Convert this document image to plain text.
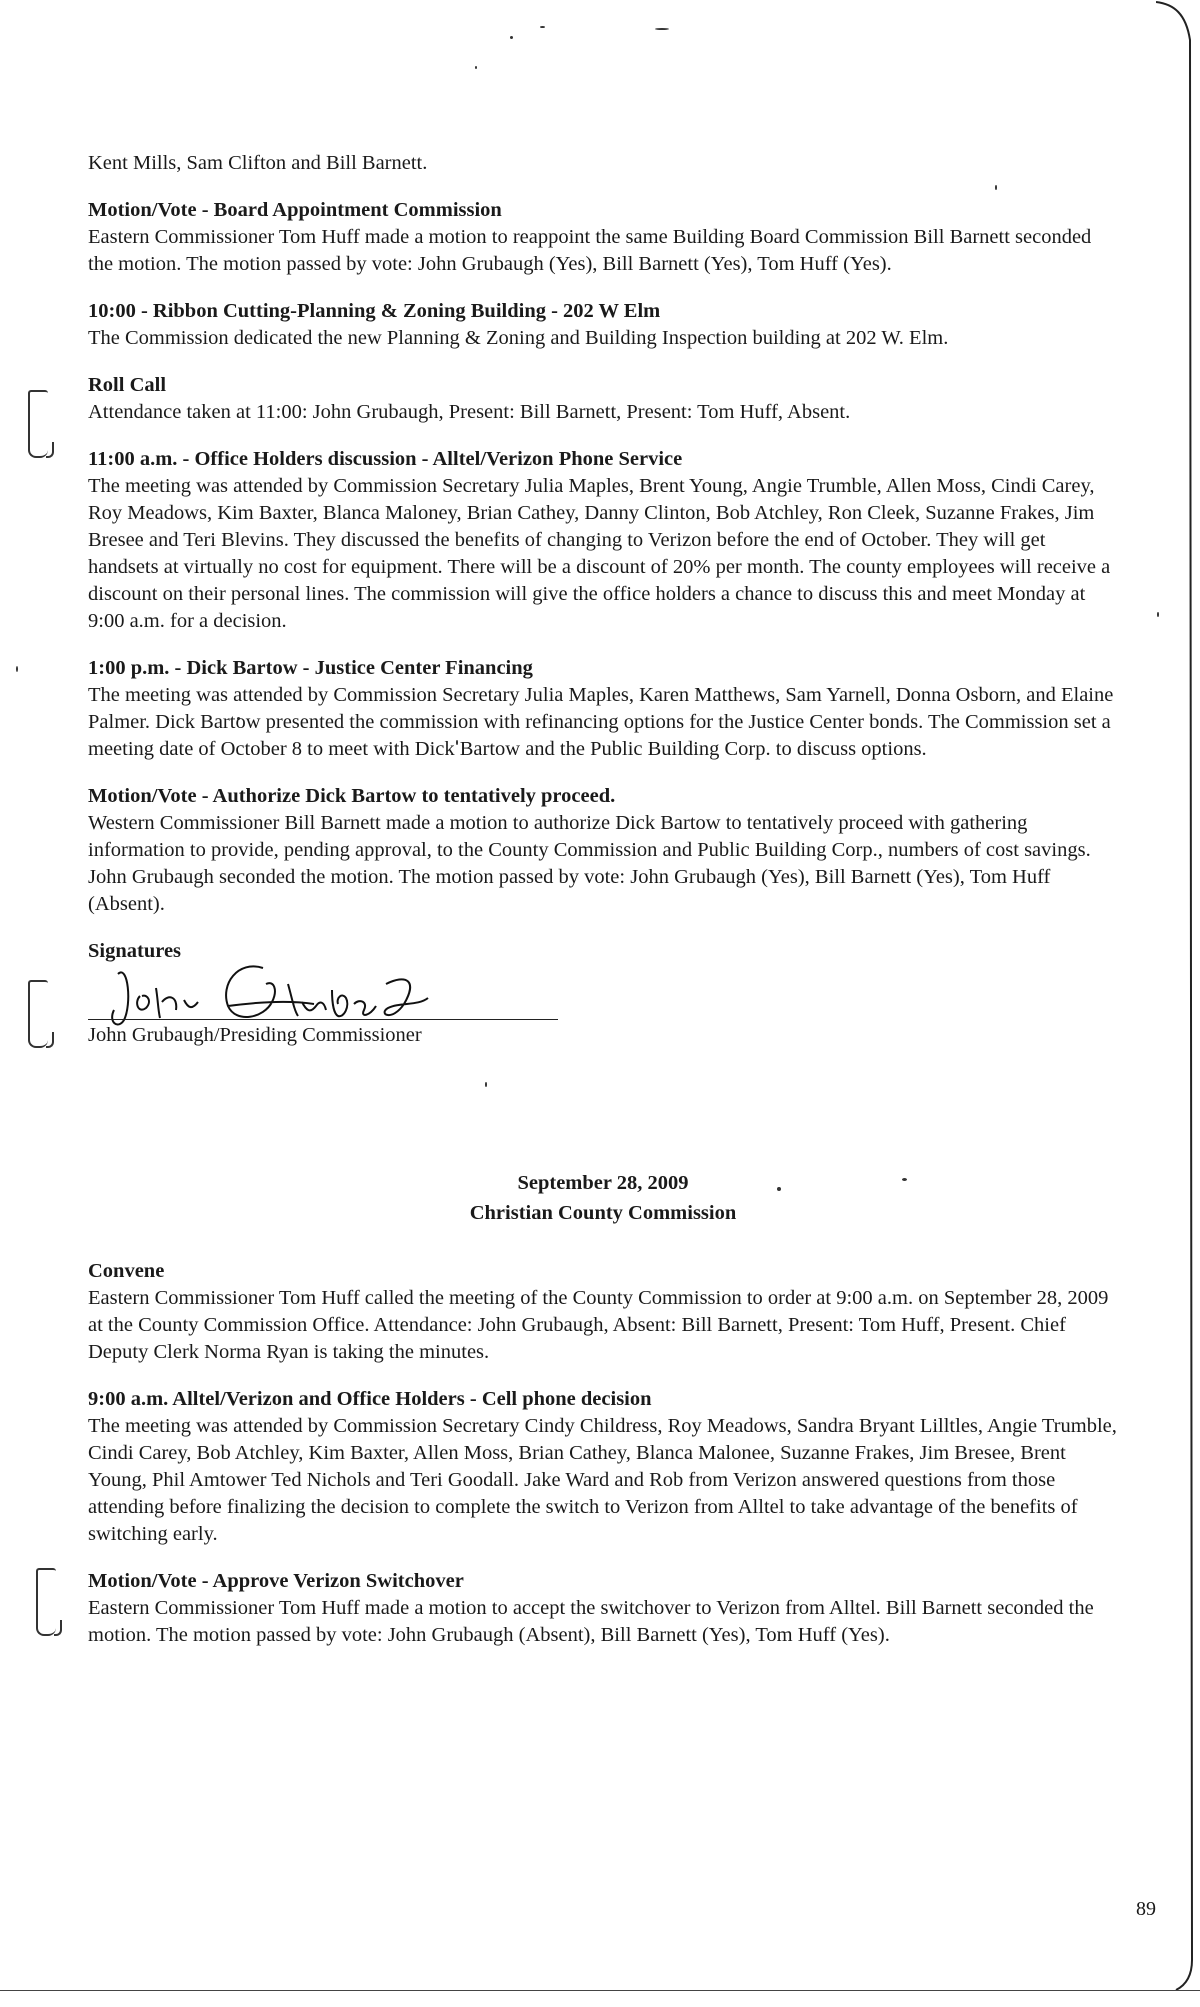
Kent Mills, Sam Clifton and Bill Barnett.

Motion/Vote - Board Appointment Commission

Eastern Commissioner Tom Huff made a motion to reappoint the same Building Board Commission Bill Barnett seconded the motion. The motion passed by vote: John Grubaugh (Yes), Bill Barnett (Yes), Tom Huff (Yes).

10:00 - Ribbon Cutting-Planning & Zoning Building - 202 W Elm

The Commission dedicated the new Planning & Zoning and Building Inspection building at 202 W. Elm.

Roll Call

Attendance taken at 11:00: John Grubaugh, Present: Bill Barnett, Present: Tom Huff, Absent.

11:00 a.m. - Office Holders discussion - Alltel/Verizon Phone Service

The meeting was attended by Commission Secretary Julia Maples, Brent Young, Angie Trumble, Allen Moss, Cindi Carey, Roy Meadows, Kim Baxter, Blanca Maloney, Brian Cathey, Danny Clinton, Bob Atchley, Ron Cleek, Suzanne Frakes, Jim Bresee and Teri Blevins. They discussed the benefits of changing to Verizon before the end of October. They will get handsets at virtually no cost for equipment. There will be a discount of 20% per month. The county employees will receive a discount on their personal lines. The commission will give the office holders a chance to discuss this and meet Monday at 9:00 a.m. for a decision.

1:00 p.m. - Dick Bartow - Justice Center Financing

The meeting was attended by Commission Secretary Julia Maples, Karen Matthews, Sam Yarnell, Donna Osborn, and Elaine Palmer. Dick Bartow presented the commission with refinancing options for the Justice Center bonds. The Commission set a meeting date of October 8 to meet with Dick Bartow and the Public Building Corp. to discuss options.

Motion/Vote - Authorize Dick Bartow to tentatively proceed.

Western Commissioner Bill Barnett made a motion to authorize Dick Bartow to tentatively proceed with gathering information to provide, pending approval, to the County Commission and Public Building Corp., numbers of cost savings. John Grubaugh seconded the motion. The motion passed by vote: John Grubaugh (Yes), Bill Barnett (Yes), Tom Huff (Absent).

Signatures
John Grubaugh/Presiding Commissioner
September 28, 2009
Christian County Commission
Convene

Eastern Commissioner Tom Huff called the meeting of the County Commission to order at 9:00 a.m. on September 28, 2009 at the County Commission Office. Attendance: John Grubaugh, Absent: Bill Barnett, Present: Tom Huff, Present. Chief Deputy Clerk Norma Ryan is taking the minutes.

9:00 a.m. Alltel/Verizon and Office Holders - Cell phone decision

The meeting was attended by Commission Secretary Cindy Childress, Roy Meadows, Sandra Bryant Lilltles, Angie Trumble, Cindi Carey, Bob Atchley, Kim Baxter, Allen Moss, Brian Cathey, Blanca Malonee, Suzanne Frakes, Jim Bresee, Brent Young, Phil Amtower Ted Nichols and Teri Goodall. Jake Ward and Rob from Verizon answered questions from those attending before finalizing the decision to complete the switch to Verizon from Alltel to take advantage of the benefits of switching early.

Motion/Vote - Approve Verizon Switchover

Eastern Commissioner Tom Huff made a motion to accept the switchover to Verizon from Alltel. Bill Barnett seconded the motion. The motion passed by vote: John Grubaugh (Absent), Bill Barnett (Yes), Tom Huff (Yes).

89
